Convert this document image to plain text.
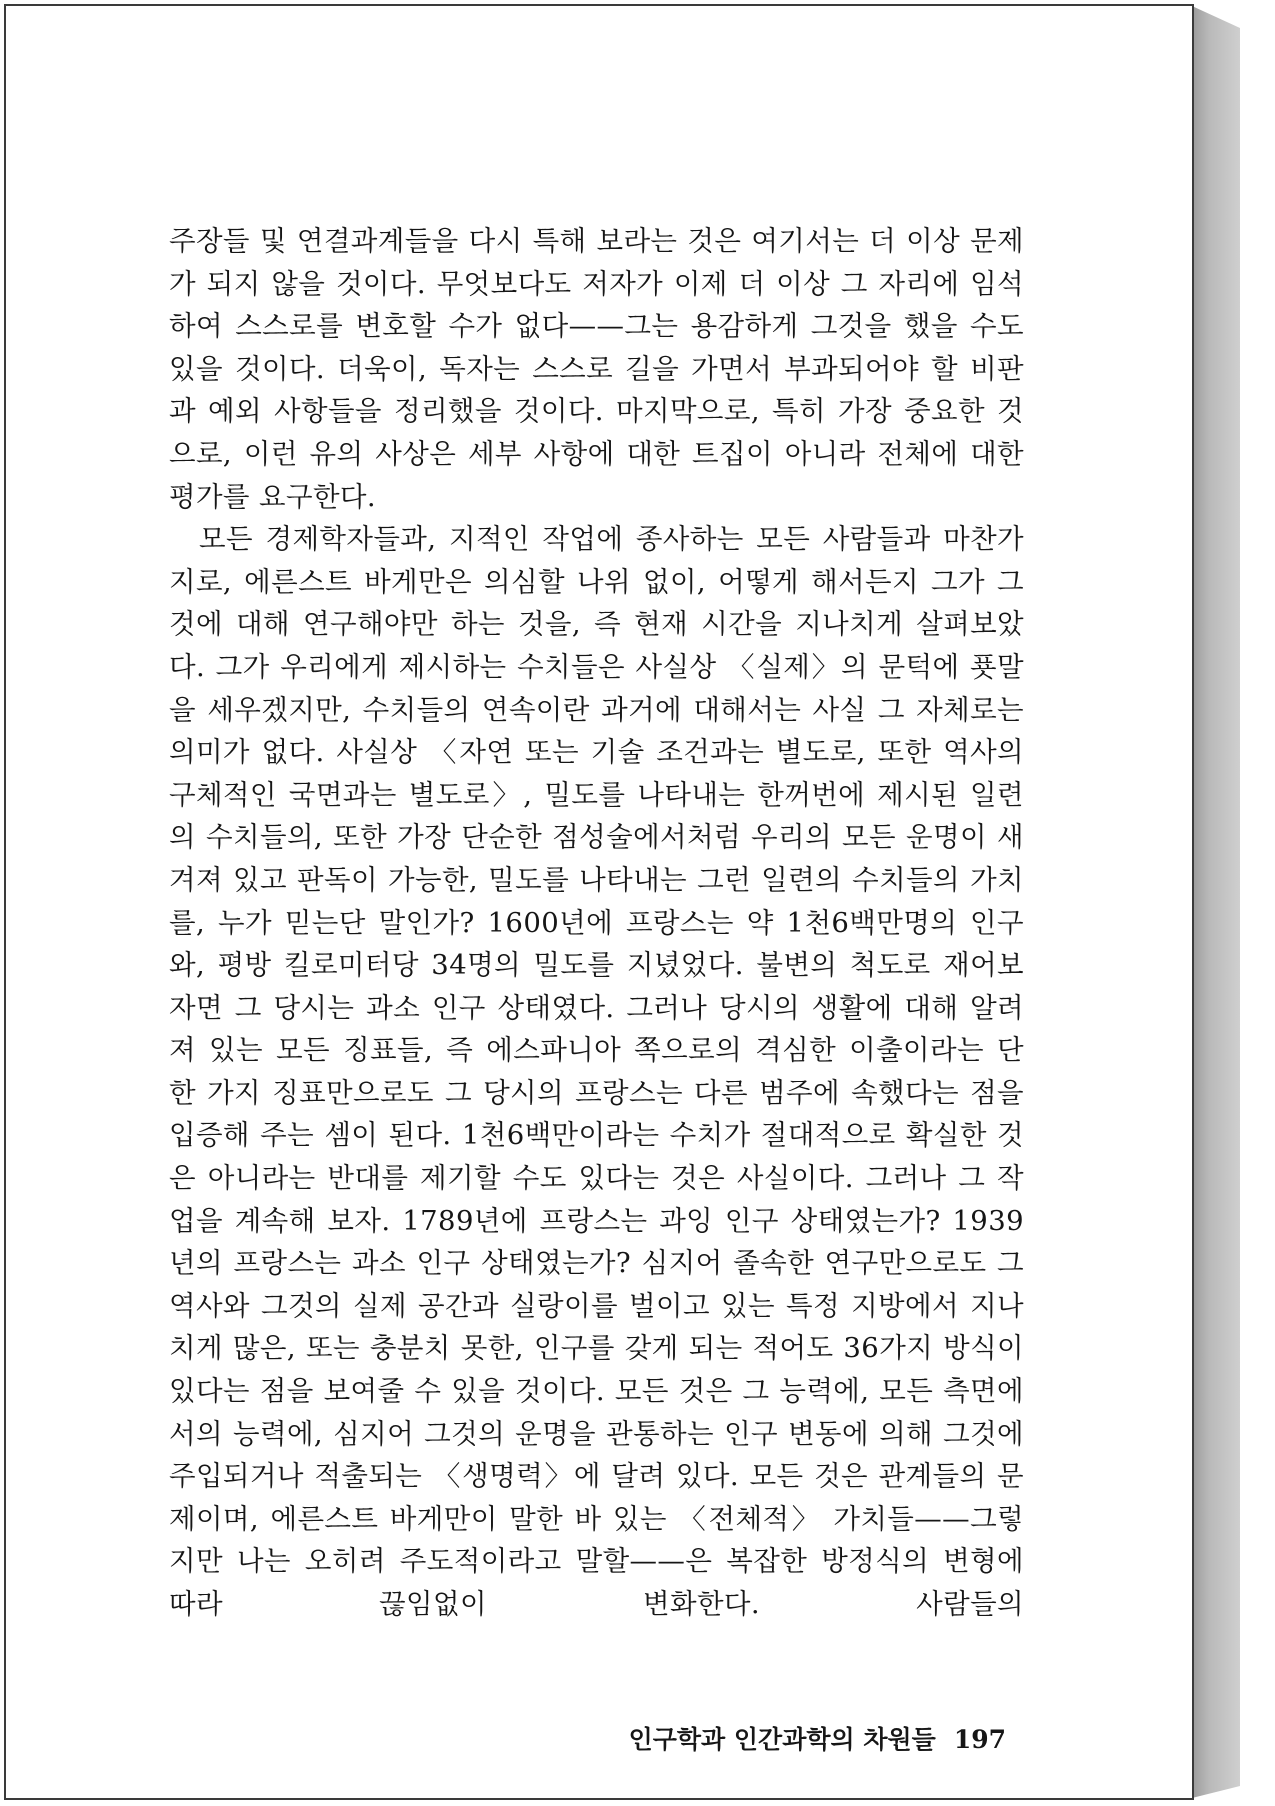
주장들 및 연결과계들을 다시 특해 보라는 것은 여기서는 더 이상 문제가 되지 않을 것이다. 무엇보다도 저자가 이제 더 이상 그 자리에 임석하여 스스로를 변호할 수가 없다——그는 용감하게 그것을 했을 수도 있을 것이다. 더욱이, 독자는 스스로 길을 가면서 부과되어야 할 비판과 예외 사항들을 정리했을 것이다. 마지막으로, 특히 가장 중요한 것으로, 이런 유의 사상은 세부 사항에 대한 트집이 아니라 전체에 대한 평가를 요구한다.

모든 경제학자들과, 지적인 작업에 종사하는 모든 사람들과 마찬가지로, 에른스트 바게만은 의심할 나위 없이, 어떻게 해서든지 그가 그것에 대해 연구해야만 하는 것을, 즉 현재 시간을 지나치게 살펴보았다. 그가 우리에게 제시하는 수치들은 사실상 〈실제〉의 문턱에 푯말을 세우겠지만, 수치들의 연속이란 과거에 대해서는 사실 그 자체로는 의미가 없다. 사실상 〈자연 또는 기술 조건과는 별도로, 또한 역사의 구체적인 국면과는 별도로〉, 밀도를 나타내는 한꺼번에 제시된 일련의 수치들의, 또한 가장 단순한 점성술에서처럼 우리의 모든 운명이 새겨져 있고 판독이 가능한, 밀도를 나타내는 그런 일련의 수치들의 가치를, 누가 믿는단 말인가? 1600년에 프랑스는 약 1천6백만명의 인구와, 평방 킬로미터당 34명의 밀도를 지녔었다. 불변의 척도로 재어보자면 그 당시는 과소 인구 상태였다. 그러나 당시의 생활에 대해 알려져 있는 모든 징표들, 즉 에스파니아 쪽으로의 격심한 이출이라는 단 한 가지 징표만으로도 그 당시의 프랑스는 다른 범주에 속했다는 점을 입증해 주는 셈이 된다. 1천6백만이라는 수치가 절대적으로 확실한 것은 아니라는 반대를 제기할 수도 있다는 것은 사실이다. 그러나 그 작업을 계속해 보자. 1789년에 프랑스는 과잉 인구 상태였는가? 1939년의 프랑스는 과소 인구 상태였는가? 심지어 졸속한 연구만으로도 그 역사와 그것의 실제 공간과 실랑이를 벌이고 있는 특정 지방에서 지나치게 많은, 또는 충분치 못한, 인구를 갖게 되는 적어도 36가지 방식이 있다는 점을 보여줄 수 있을 것이다. 모든 것은 그 능력에, 모든 측면에서의 능력에, 심지어 그것의 운명을 관통하는 인구 변동에 의해 그것에 주입되거나 적출되는 〈생명력〉에 달려 있다. 모든 것은 관계들의 문제이며, 에른스트 바게만이 말한 바 있는 〈전체적〉 가치들——그렇지만 나는 오히려 주도적이라고 말할——은 복잡한 방정식의 변형에 따라 끊임없이 변화한다. 사람들의

인구학과 인간과학의 차원들 197
